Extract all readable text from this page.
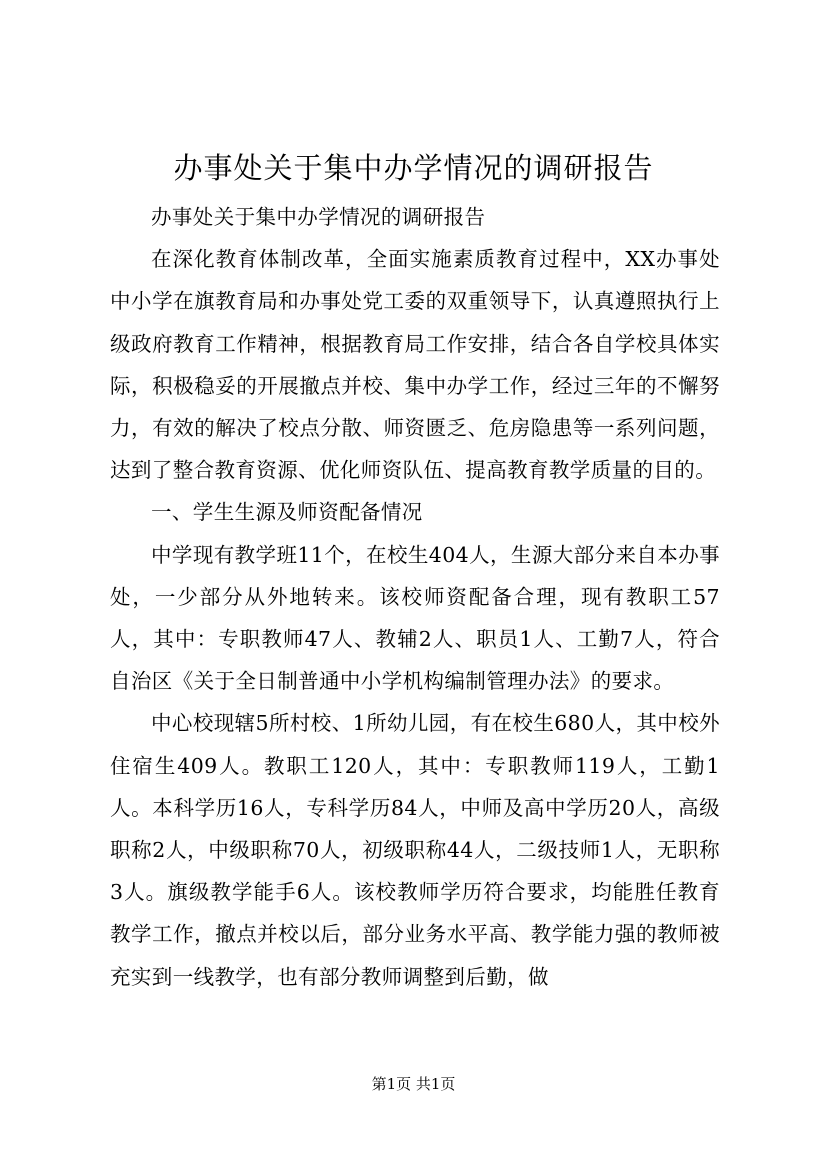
办事处关于集中办学情况的调研报告

办事处关于集中办学情况的调研报告

在深化教育体制改革，全面实施素质教育过程中，XX办事处中小学在旗教育局和办事处党工委的双重领导下，认真遵照执行上级政府教育工作精神，根据教育局工作安排，结合各自学校具体实际，积极稳妥的开展撤点并校、集中办学工作，经过三年的不懈努力，有效的解决了校点分散、师资匮乏、危房隐患等一系列问题，达到了整合教育资源、优化师资队伍、提高教育教学质量的目的。

一、学生生源及师资配备情况

中学现有教学班11个，在校生404人，生源大部分来自本办事处，一少部分从外地转来。该校师资配备合理，现有教职工57人，其中：专职教师47人、教辅2人、职员1人、工勤7人，符合自治区《关于全日制普通中小学机构编制管理办法》的要求。

中心校现辖5所村校、1所幼儿园，有在校生680人，其中校外住宿生409人。教职工120人，其中：专职教师119人，工勤1人。本科学历16人，专科学历84人，中师及高中学历20人，高级职称2人，中级职称70人，初级职称44人，二级技师1人，无职称3人。旗级教学能手6人。该校教师学历符合要求，均能胜任教育教学工作，撤点并校以后，部分业务水平高、教学能力强的教师被充实到一线教学，也有部分教师调整到后勤，做

第1页 共1页
